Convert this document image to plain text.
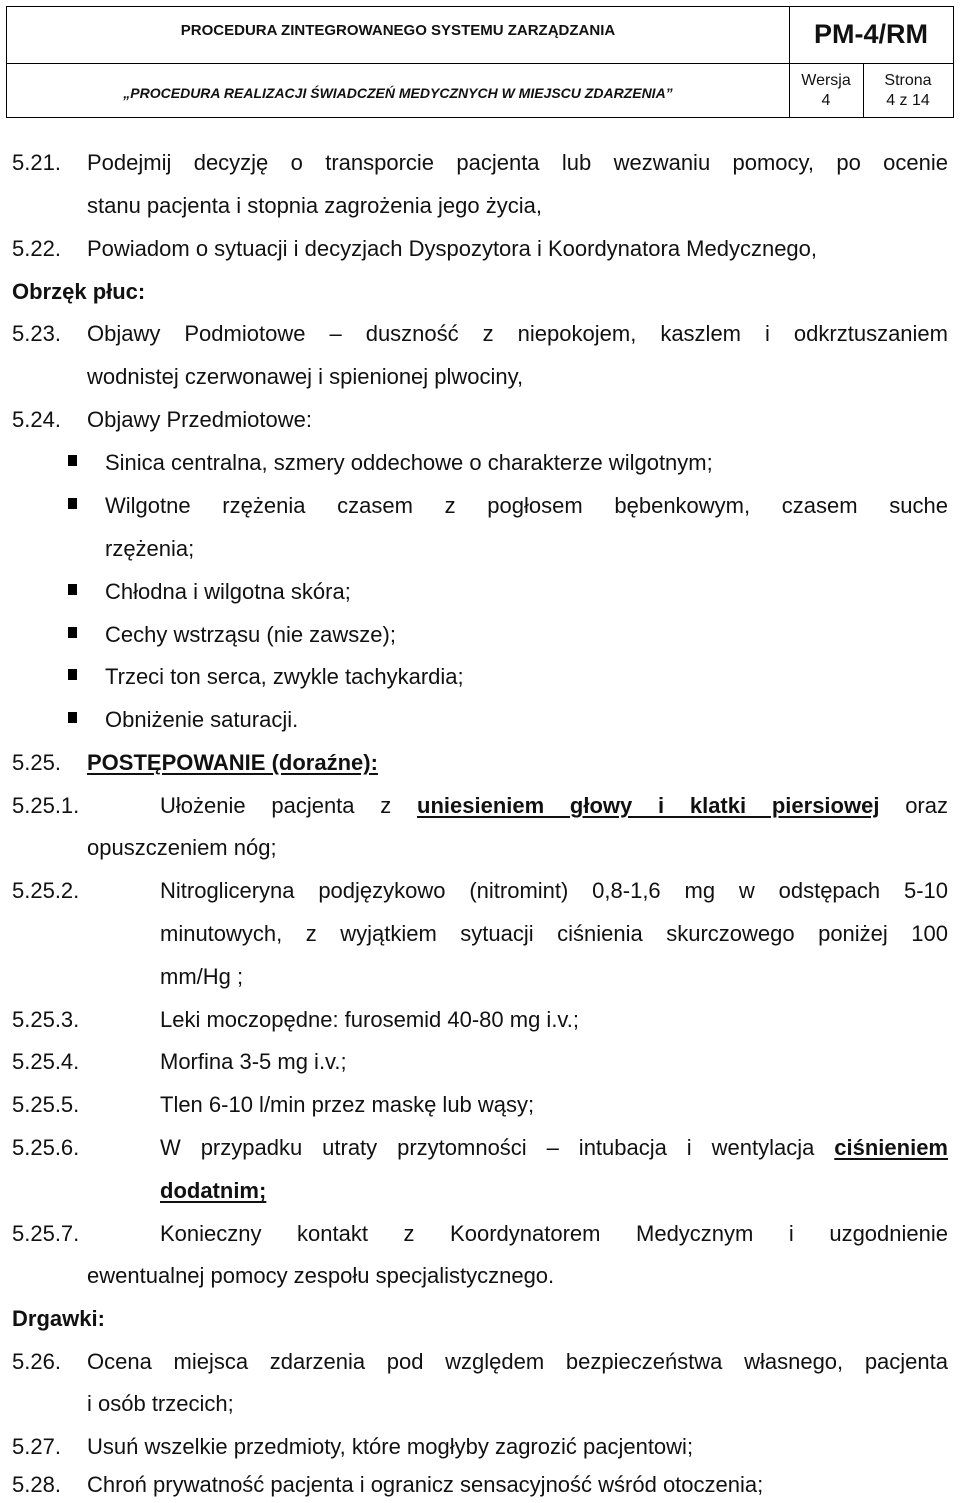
PROCEDURA ZINTEGROWANEGO SYSTEMU ZARZĄDZANIA
„PROCEDURA REALIZACJI ŚWIADCZEŃ MEDYCZNYCH W MIEJSCU ZDARZENIA”
PM-4/RM
Wersja
4
Strona
4 z 14
5.21. Podejmij decyzję o transporcie pacjenta lub wezwaniu pomocy, po ocenie
stanu pacjenta i stopnia zagrożenia jego życia,
5.22. Powiadom o sytuacji i decyzjach Dyspozytora i Koordynatora Medycznego,
Obrzęk płuc:
5.23. Objawy Podmiotowe – duszność z niepokojem, kaszlem i odkrztuszaniem
wodnistej czerwonawej i spienionej plwociny,
5.24. Objawy Przedmiotowe:
Sinica centralna, szmery oddechowe o charakterze wilgotnym;
Wilgotne rzężenia czasem z pogłosem bębenkowym, czasem suche
rzężenia;
Chłodna i wilgotna skóra;
Cechy wstrząsu (nie zawsze);
Trzeci ton serca, zwykle tachykardia;
Obniżenie saturacji.
5.25. POSTĘPOWANIE (doraźne):
5.25.1.	Ułożenie pacjenta z uniesieniem głowy i klatki piersiowej oraz
opuszczeniem nóg;
5.25.2.	Nitrogliceryna podjęzykowo (nitromint) 0,8-1,6 mg w odstępach 5-10
minutowych, z wyjątkiem sytuacji ciśnienia skurczowego poniżej 100
mm/Hg ;
5.25.3.	Leki moczopędne: furosemid 40-80 mg i.v.;
5.25.4.	Morfina 3-5 mg i.v.;
5.25.5.	Tlen 6-10 l/min przez maskę lub wąsy;
5.25.6.	W przypadku utraty przytomności – intubacja i wentylacja ciśnieniem
dodatnim;
5.25.7.	Konieczny kontakt z Koordynatorem Medycznym i uzgodnienie
ewentualnej pomocy zespołu specjalistycznego.
Drgawki:
5.26. Ocena miejsca zdarzenia pod względem bezpieczeństwa własnego, pacjenta
i osób trzecich;
5.27. Usuń wszelkie przedmioty, które mogłyby zagrozić pacjentowi;
5.28. Chroń prywatność pacjenta i ogranicz sensacyjność wśród otoczenia;
